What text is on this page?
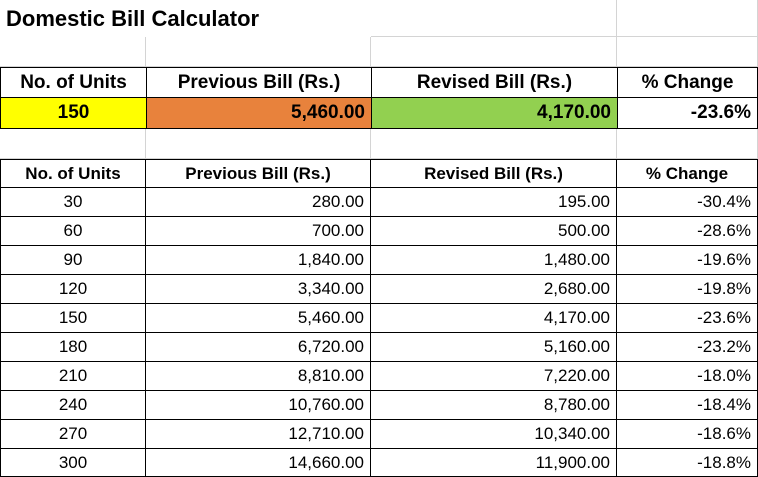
Domestic Bill Calculator
No. of Units	Previous Bill (Rs.)	Revised Bill (Rs.)	% Change
150	5,460.00	4,170.00	-23.6%
No. of Units	Previous Bill (Rs.)	Revised Bill (Rs.)	% Change
30	280.00	195.00	-30.4%
60	700.00	500.00	-28.6%
90	1,840.00	1,480.00	-19.6%
120	3,340.00	2,680.00	-19.8%
150	5,460.00	4,170.00	-23.6%
180	6,720.00	5,160.00	-23.2%
210	8,810.00	7,220.00	-18.0%
240	10,760.00	8,780.00	-18.4%
270	12,710.00	10,340.00	-18.6%
300	14,660.00	11,900.00	-18.8%
